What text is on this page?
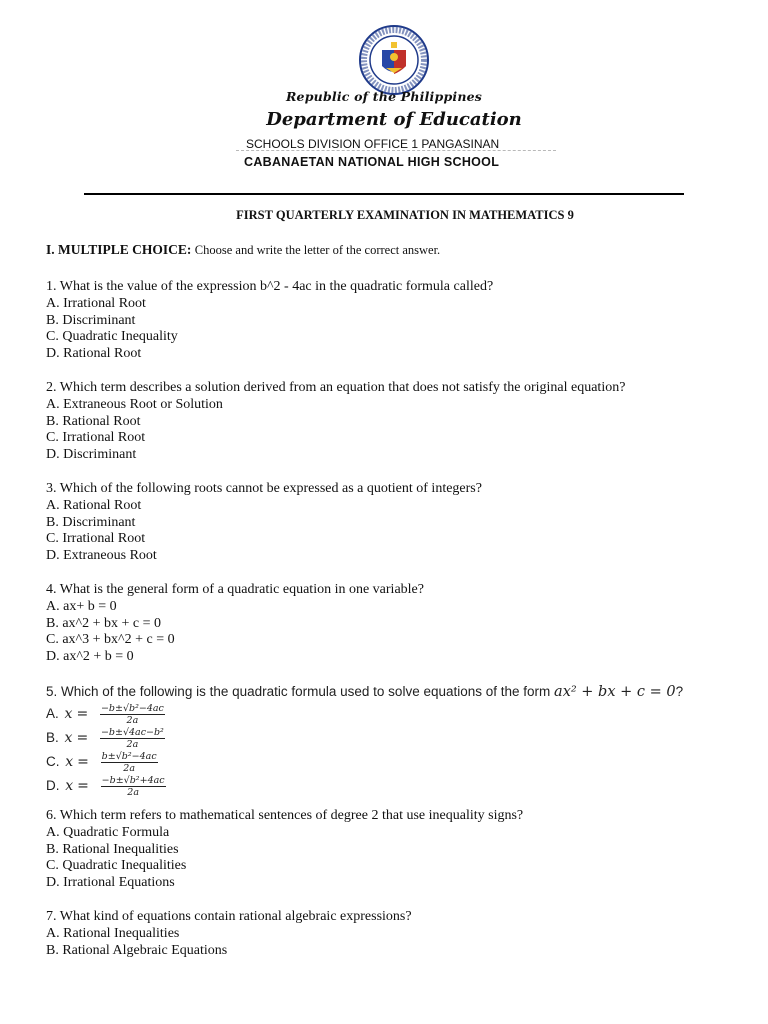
Republic of the Philippines
Department of Education
SCHOOLS DIVISION OFFICE 1 PANGASINAN
CABANAETAN NATIONAL HIGH SCHOOL
FIRST QUARTERLY EXAMINATION IN MATHEMATICS 9
I. MULTIPLE CHOICE: Choose and write the letter of the correct answer.
1. What is the value of the expression b^2 - 4ac in the quadratic formula called?
A. Irrational Root
B. Discriminant
C. Quadratic Inequality
D. Rational Root
2. Which term describes a solution derived from an equation that does not satisfy the original equation?
A. Extraneous Root or Solution
B. Rational Root
C. Irrational Root
D. Discriminant
3. Which of the following roots cannot be expressed as a quotient of integers?
A. Rational Root
B. Discriminant
C. Irrational Root
D. Extraneous Root
4. What is the general form of a quadratic equation in one variable?
A. ax+ b = 0
B. ax^2 + bx + c = 0
C. ax^3 + bx^2 + c = 0
D. ax^2 + b = 0
5. Which of the following is the quadratic formula used to solve equations of the form ax² + bx + c = 0?
A. $x = \frac{\text{−b±√b²−4ac}}{2a}$
B. $x = \frac{\text{−b±√4ac−b²}}{2a}$
C. $x = \frac{\text{b±√b²−4ac}}{2a}$
D. $x = \frac{\text{−b±√b²+4ac}}{2a}$
6. Which term refers to mathematical sentences of degree 2 that use inequality signs?
A. Quadratic Formula
B. Rational Inequalities
C. Quadratic Inequalities
D. Irrational Equations
7. What kind of equations contain rational algebraic expressions?
A. Rational Inequalities
B. Rational Algebraic Equations
